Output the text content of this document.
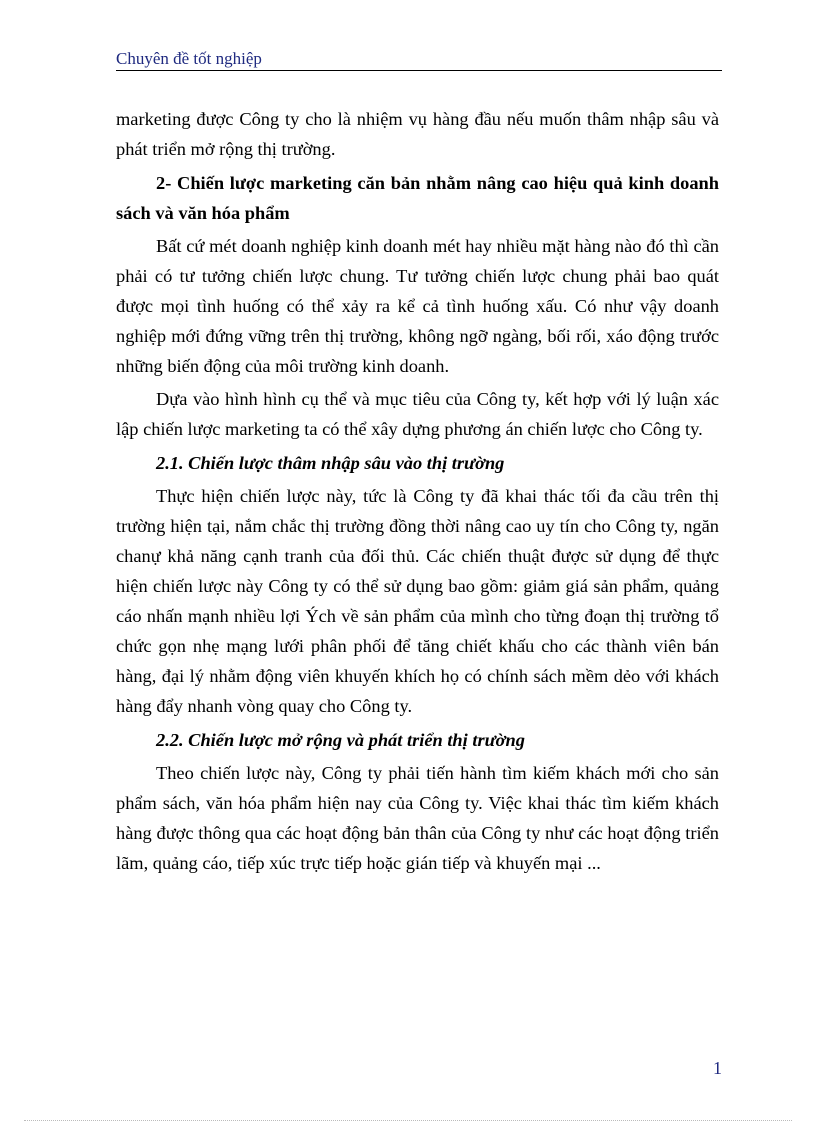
Chuyên đề tốt nghiệp

marketing được Công ty cho là nhiệm vụ hàng đầu nếu muốn thâm nhập sâu và phát triển mở rộng thị trường.

2- Chiến lược marketing căn bản nhằm nâng cao hiệu quả kinh doanh sách và văn hóa phẩm

Bất cứ mét doanh nghiệp kinh doanh mét hay nhiều mặt hàng nào đó thì cần phải có tư tưởng chiến lược chung. Tư tưởng chiến lược chung phải bao quát được mọi tình huống có thể xảy ra kể cả tình huống xấu. Có như vậy doanh nghiệp mới đứng vững trên thị trường, không ngỡ ngàng, bối rối, xáo động trước những biến động của môi trường kinh doanh.

Dựa vào hình hình cụ thể và mục tiêu của Công ty, kết hợp với lý luận xác lập chiến lược marketing ta có thể xây dựng phương án chiến lược cho Công ty.

2.1. Chiến lược thâm nhập sâu vào thị trường

Thực hiện chiến lược này, tức là Công ty đã khai thác tối đa cầu trên thị trường hiện tại, nắm chắc thị trường đồng thời nâng cao uy tín cho Công ty, ngăn chanự khả năng cạnh tranh của đối thủ. Các chiến thuật được sử dụng để thực hiện chiến lược này Công ty có thể sử dụng bao gồm: giảm giá sản phẩm, quảng cáo nhấn mạnh nhiều lợi Ých về sản phẩm của mình cho từng đoạn thị trường tổ chức gọn nhẹ mạng lưới phân phối để tăng chiết khấu cho các thành viên bán hàng, đại lý nhằm động viên khuyến khích họ có chính sách mềm dẻo với khách hàng đẩy nhanh vòng quay cho Công ty.

2.2. Chiến lược mở rộng và phát triển thị trường

Theo chiến lược này, Công ty phải tiến hành tìm kiếm khách mới cho sản phẩm sách, văn hóa phẩm hiện nay của Công ty. Việc khai thác tìm kiếm khách hàng được thông qua các hoạt động bản thân của Công ty như các hoạt động triển lãm, quảng cáo, tiếp xúc trực tiếp hoặc gián tiếp và khuyến mại ...

1
